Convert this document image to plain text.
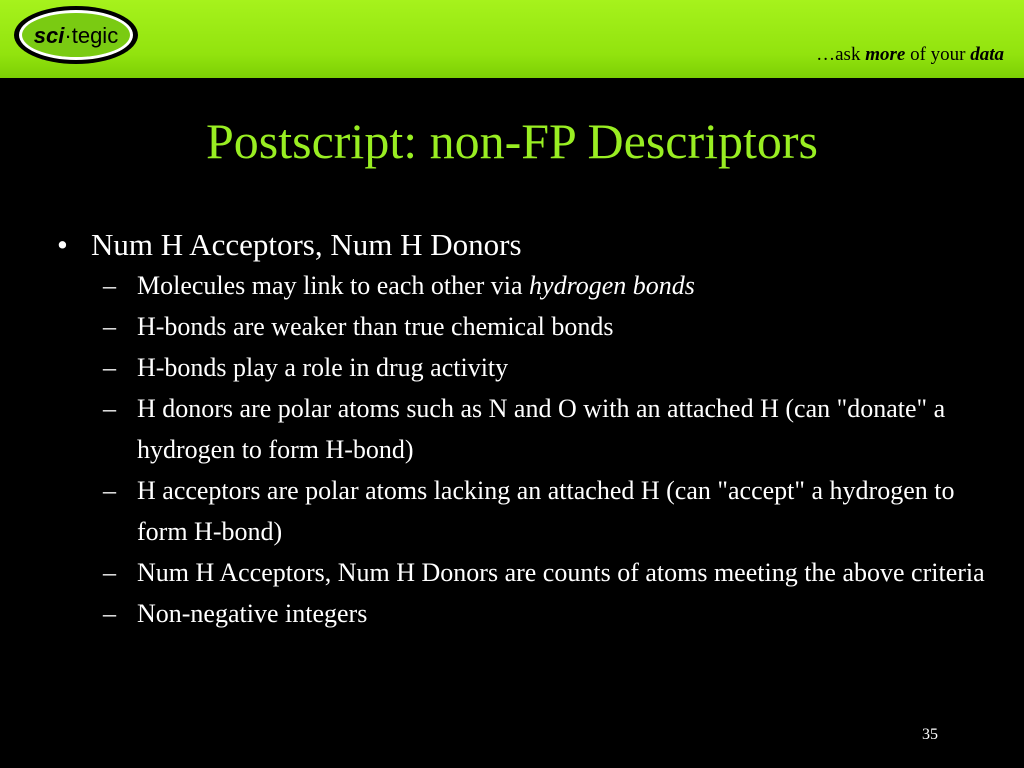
sci·tegic
…ask more of your data
Postscript: non-FP Descriptors
• Num H Acceptors, Num H Donors
– Molecules may link to each other via hydrogen bonds
– H-bonds are weaker than true chemical bonds
– H-bonds play a role in drug activity
– H donors are polar atoms such as N and O with an attached H (can "donate" a hydrogen to form H-bond)
– H acceptors are polar atoms lacking an attached H (can "accept" a hydrogen to form H-bond)
– Num H Acceptors, Num H Donors are counts of atoms meeting the above criteria
– Non-negative integers
35
